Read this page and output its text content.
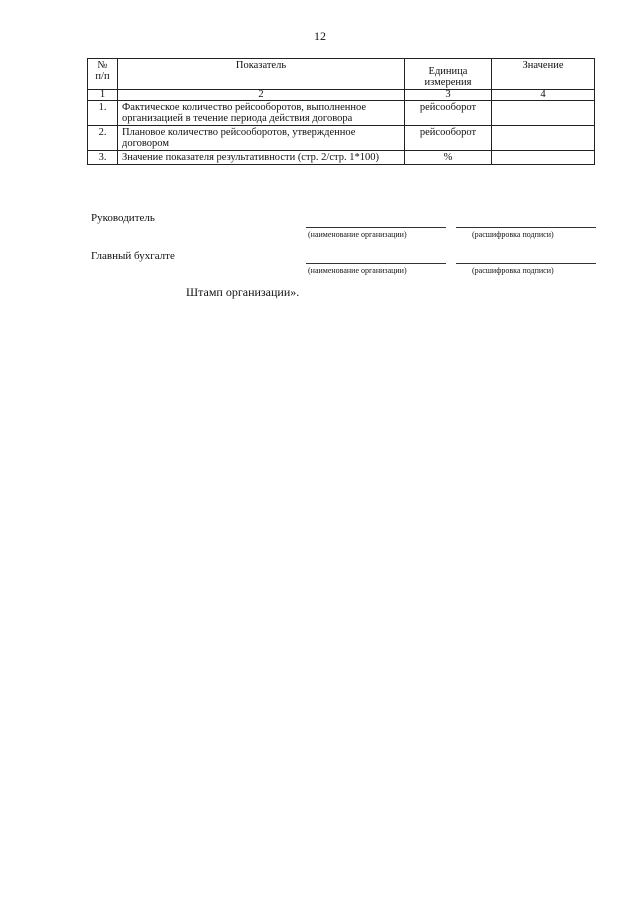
12
№ п/п	Показатель	Единица измерения	Значение
1	2	3	4
1.	Фактическое количество рейсооборотов, выполненное организацией в течение периода действия договора	рейсооборот	
2.	Плановое количество рейсооборотов, утвержденное договором	рейсооборот	
3.	Значение показателя результативности (стр. 2/стр. 1*100)	%	
Руководитель
(наименование организации)	(расшифровка подписи)
Главный бухгалте
(наименование организации)	(расшифровка подписи)
Штамп организации».
